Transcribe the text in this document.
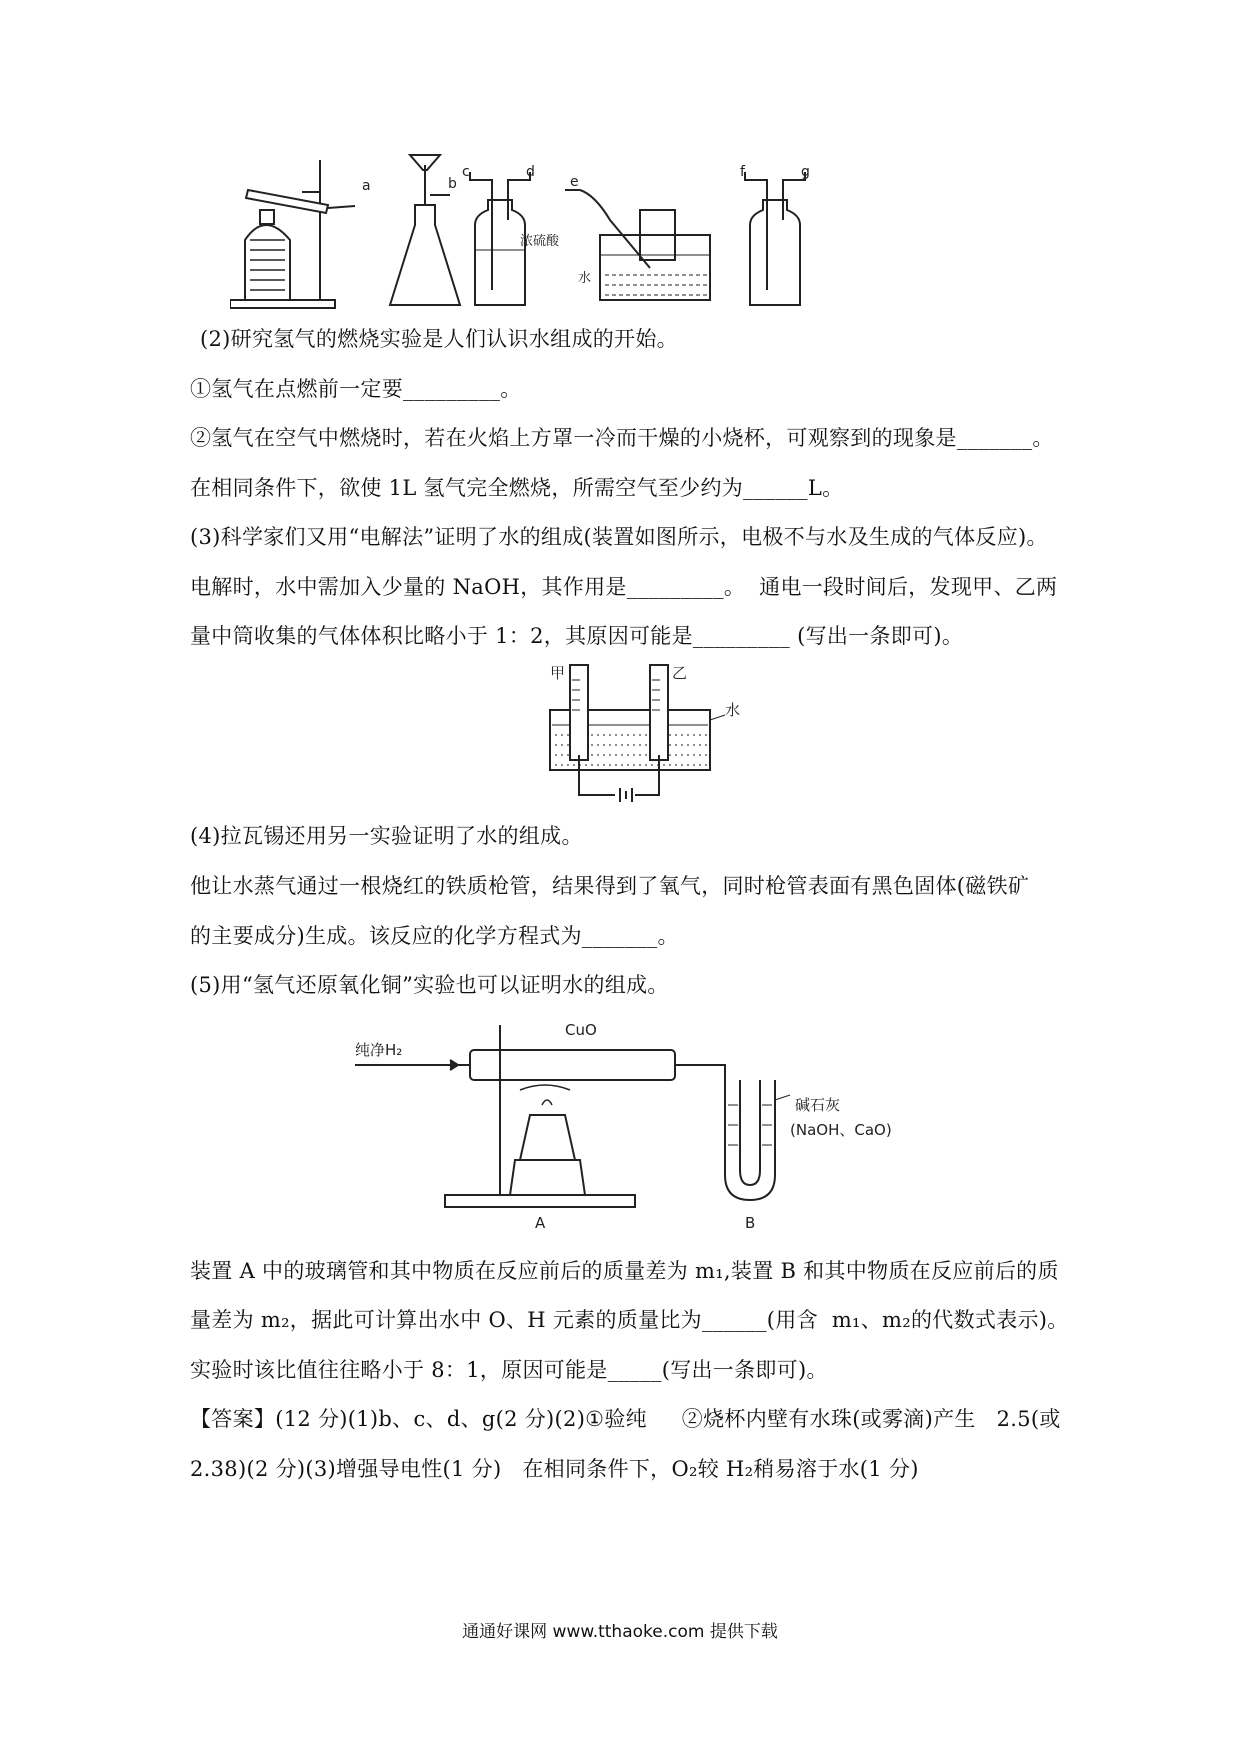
a	b
c	d
浓硫酸
e
水
f	g
(2)研究氢气的燃烧实验是人们认识水组成的开始。
①氢气在点燃前一定要_________。
②氢气在空气中燃烧时，若在火焰上方罩一冷而干燥的小烧杯，可观察到的现象是_______。
在相同条件下，欲使 1L 氢气完全燃烧，所需空气至少约为______L。
(3)科学家们又用“电解法”证明了水的组成(装置如图所示，电极不与水及生成的气体反应)。
电解时，水中需加入少量的 NaOH，其作用是_________。  通电一段时间后，发现甲、乙两
量中筒收集的气体体积比略小于 1：2，其原因可能是_________ (写出一条即可)。
甲	乙
水
(4)拉瓦锡还用另一实验证明了水的组成。
他让水蒸气通过一根烧红的铁质枪管，结果得到了氧气，同时枪管表面有黑色固体(磁铁矿
的主要成分)生成。该反应的化学方程式为_______。
(5)用“氢气还原氧化铜”实验也可以证明水的组成。
纯净H₂
CuO
碱石灰
(NaOH、CaO)
A	B
装置 A 中的玻璃管和其中物质在反应前后的质量差为 m₁,装置 B 和其中物质在反应前后的质
量差为 m₂，据此可计算出水中 O、H 元素的质量比为______(用含  m₁、m₂的代数式表示)。
实验时该比值往往略小于 8：1，原因可能是_____(写出一条即可)。
【答案】(12 分)(1)b、c、d、g(2 分)(2)①验纯     ②烧杯内壁有水珠(或雾滴)产生   2.5(或
2.38)(2 分)(3)增强导电性(1 分)   在相同条件下，O₂较 H₂稍易溶于水(1 分)
通通好课网 www.tthaoke.com 提供下载
